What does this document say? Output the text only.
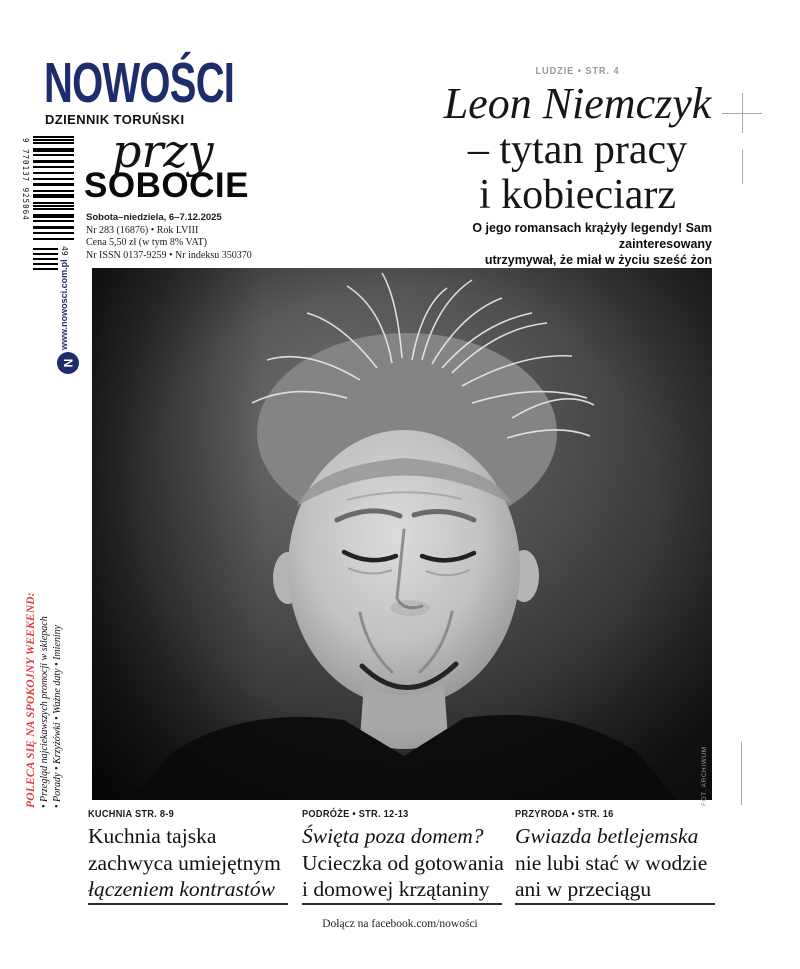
NOWOŚCI
DZIENNIK TORUŃSKI
przy
SOBOCIE
Sobota–niedziela, 6–7.12.2025
Nr 283 (16876) • Rok LVIII
Cena 5,50 zł (w tym 8% VAT)
Nr ISSN 0137-9259 • Nr indeksu 350370
LUDZIE • STR. 4
Leon Niemczyk
– tytan pracy
i kobieciarz
O jego romansach krążyły legendy! Sam zainteresowany
utrzymywał, że miał w życiu sześć żon
9 770137 925064
49
www.nowosci.com.pl
N
POLECA SIĘ NA SPOKOJNY WEEKEND: • Przegląd najciekawszych promocji w sklepach • Porady • Krzyżówki • Ważne daty • Imieniny	FOT. ARCHIWUM
KUCHNIA STR. 8-9
Kuchnia tajska
zachwyca umiejętnym
łączeniem kontrastów
PODRÓŻE • STR. 12-13
Święta poza domem?
Ucieczka od gotowania
i domowej krzątaniny
PRZYRODA • STR. 16
Gwiazda betlejemska
nie lubi stać w wodzie
ani w przeciągu
Dołącz na facebook.com/nowości
